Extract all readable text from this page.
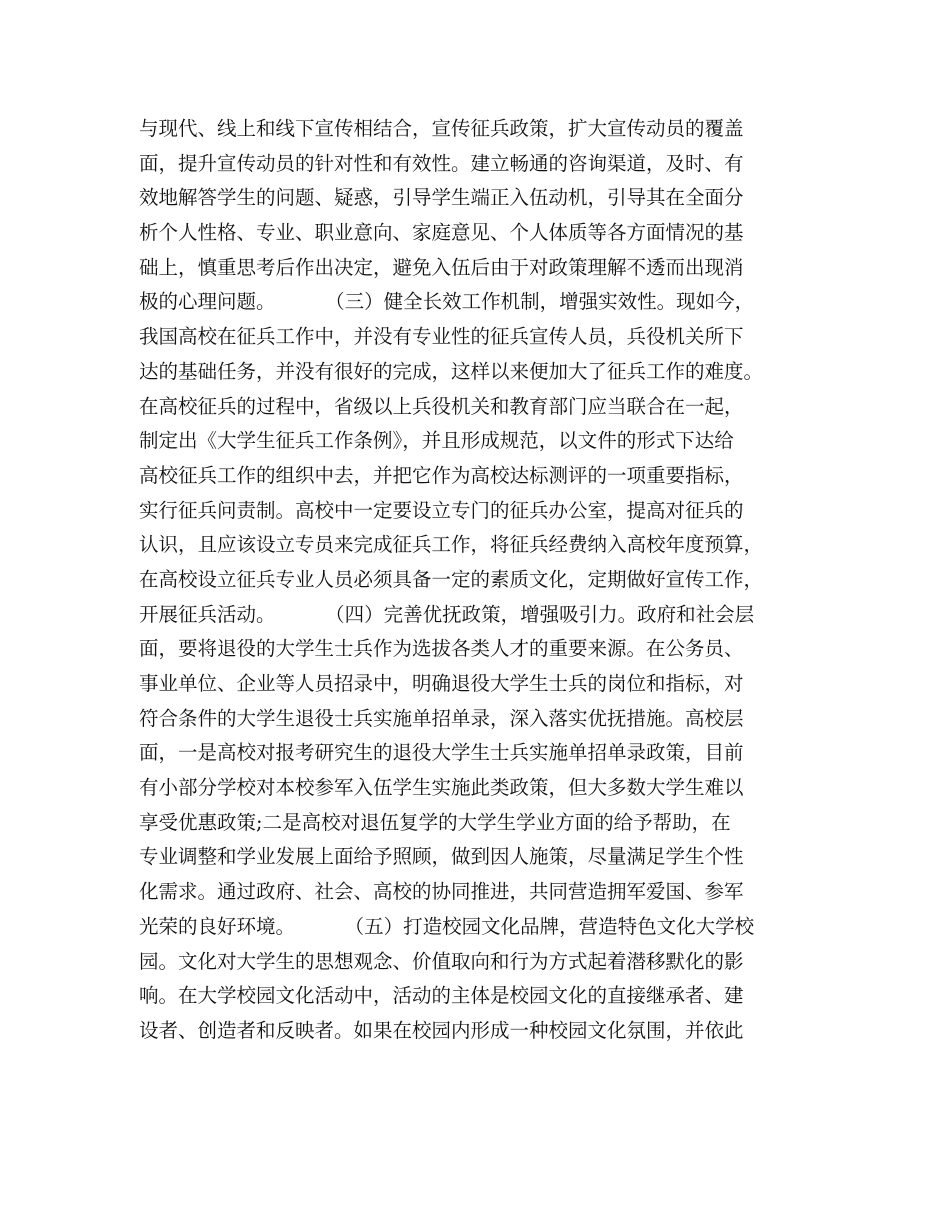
与现代、线上和线下宣传相结合，宣传征兵政策，扩大宣传动员的覆盖
面，提升宣传动员的针对性和有效性。建立畅通的咨询渠道，及时、有
效地解答学生的问题、疑惑，引导学生端正入伍动机，引导其在全面分
析个人性格、专业、职业意向、家庭意见、个人体质等各方面情况的基
础上，慎重思考后作出决定，避免入伍后由于对政策理解不透而出现消
极的心理问题。        （三）健全长效工作机制，增强实效性。现如今，
我国高校在征兵工作中，并没有专业性的征兵宣传人员，兵役机关所下
达的基础任务，并没有很好的完成，这样以来便加大了征兵工作的难度。
在高校征兵的过程中，省级以上兵役机关和教育部门应当联合在一起，
制定出《大学生征兵工作条例》，并且形成规范，以文件的形式下达给
高校征兵工作的组织中去，并把它作为高校达标测评的一项重要指标，
实行征兵问责制。高校中一定要设立专门的征兵办公室，提高对征兵的
认识，且应该设立专员来完成征兵工作，将征兵经费纳入高校年度预算，
在高校设立征兵专业人员必须具备一定的素质文化，定期做好宣传工作，
开展征兵活动。        （四）完善优抚政策，增强吸引力。政府和社会层
面，要将退役的大学生士兵作为选拔各类人才的重要来源。在公务员、
事业单位、企业等人员招录中，明确退役大学生士兵的岗位和指标，对
符合条件的大学生退役士兵实施单招单录，深入落实优抚措施。高校层
面，一是高校对报考研究生的退役大学生士兵实施单招单录政策，目前
有小部分学校对本校参军入伍学生实施此类政策，但大多数大学生难以
享受优惠政策;二是高校对退伍复学的大学生学业方面的给予帮助，在
专业调整和学业发展上面给予照顾，做到因人施策，尽量满足学生个性
化需求。通过政府、社会、高校的协同推进，共同营造拥军爱国、参军
光荣的良好环境。        （五）打造校园文化品牌，营造特色文化大学校
园。文化对大学生的思想观念、价值取向和行为方式起着潜移默化的影
响。在大学校园文化活动中，活动的主体是校园文化的直接继承者、建
设者、创造者和反映者。如果在校园内形成一种校园文化氛围，并依此
